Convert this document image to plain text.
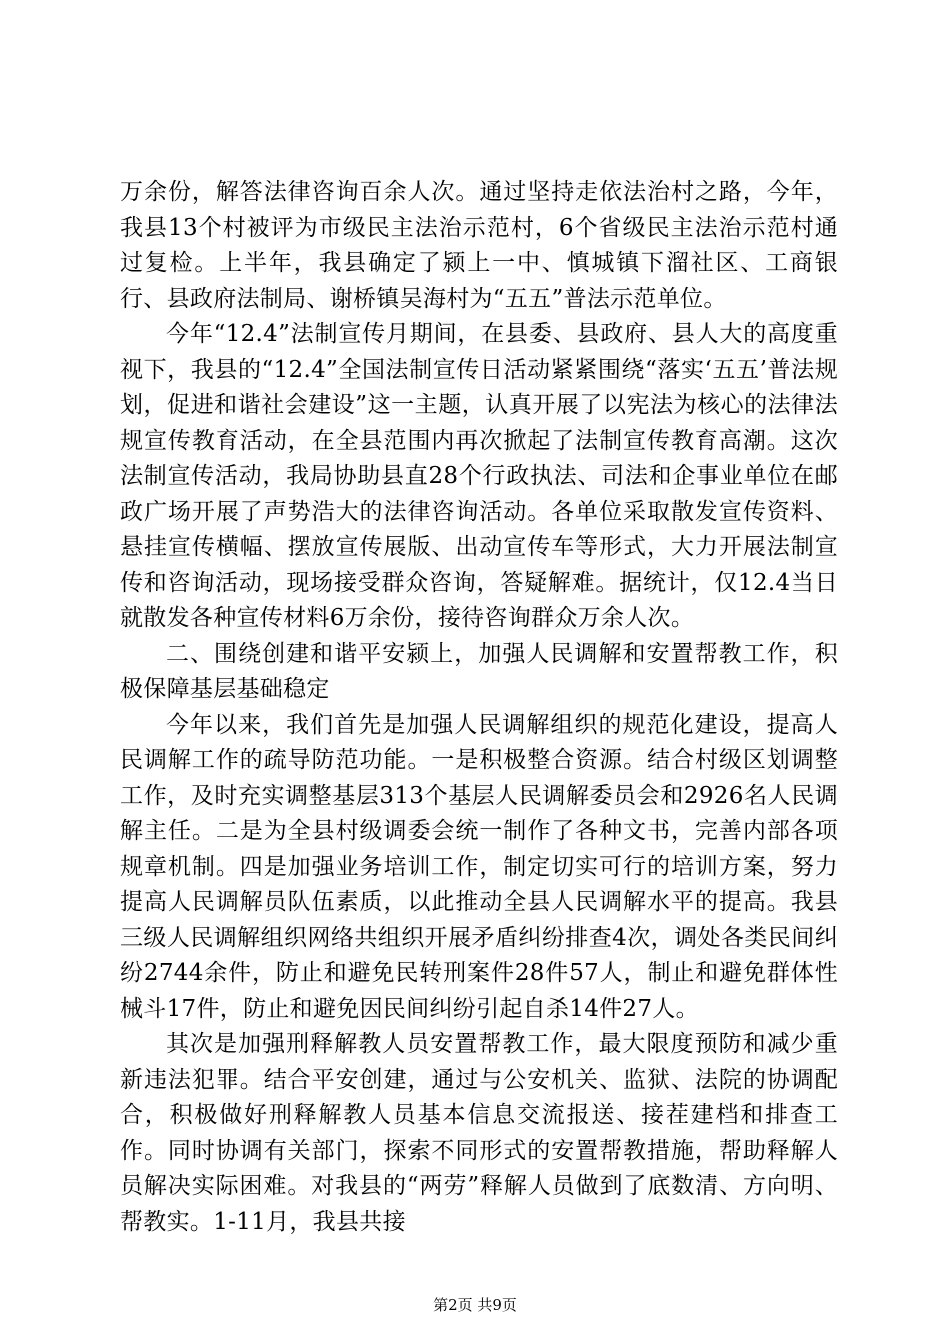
万余份，解答法律咨询百余人次。通过坚持走依法治村之路，今年，我县13个村被评为市级民主法治示范村，6个省级民主法治示范村通过复检。上半年，我县确定了颍上一中、慎城镇下溜社区、工商银行、县政府法制局、谢桥镇吴海村为“五五”普法示范单位。

今年“12.4”法制宣传月期间，在县委、县政府、县人大的高度重视下，我县的“12.4”全国法制宣传日活动紧紧围绕“落实‘五五’普法规划，促进和谐社会建设”这一主题，认真开展了以宪法为核心的法律法规宣传教育活动，在全县范围内再次掀起了法制宣传教育高潮。这次法制宣传活动，我局协助县直28个行政执法、司法和企事业单位在邮政广场开展了声势浩大的法律咨询活动。各单位采取散发宣传资料、悬挂宣传横幅、摆放宣传展版、出动宣传车等形式，大力开展法制宣传和咨询活动，现场接受群众咨询，答疑解难。据统计，仅12.4当日就散发各种宣传材料6万余份，接待咨询群众万余人次。

二、围绕创建和谐平安颍上，加强人民调解和安置帮教工作，积极保障基层基础稳定

今年以来，我们首先是加强人民调解组织的规范化建设，提高人民调解工作的疏导防范功能。一是积极整合资源。结合村级区划调整工作，及时充实调整基层313个基层人民调解委员会和2926名人民调解主任。二是为全县村级调委会统一制作了各种文书，完善内部各项规章机制。四是加强业务培训工作，制定切实可行的培训方案，努力提高人民调解员队伍素质，以此推动全县人民调解水平的提高。我县三级人民调解组织网络共组织开展矛盾纠纷排查4次，调处各类民间纠纷2744余件，防止和避免民转刑案件28件57人，制止和避免群体性械斗17件，防止和避免因民间纠纷引起自杀14件27人。

其次是加强刑释解教人员安置帮教工作，最大限度预防和减少重新违法犯罪。结合平安创建，通过与公安机关、监狱、法院的协调配合，积极做好刑释解教人员基本信息交流报送、接茬建档和排查工作。同时协调有关部门，探索不同形式的安置帮教措施，帮助释解人员解决实际困难。对我县的“两劳”释解人员做到了底数清、方向明、帮教实。1-11月，我县共接

第2页 共9页
